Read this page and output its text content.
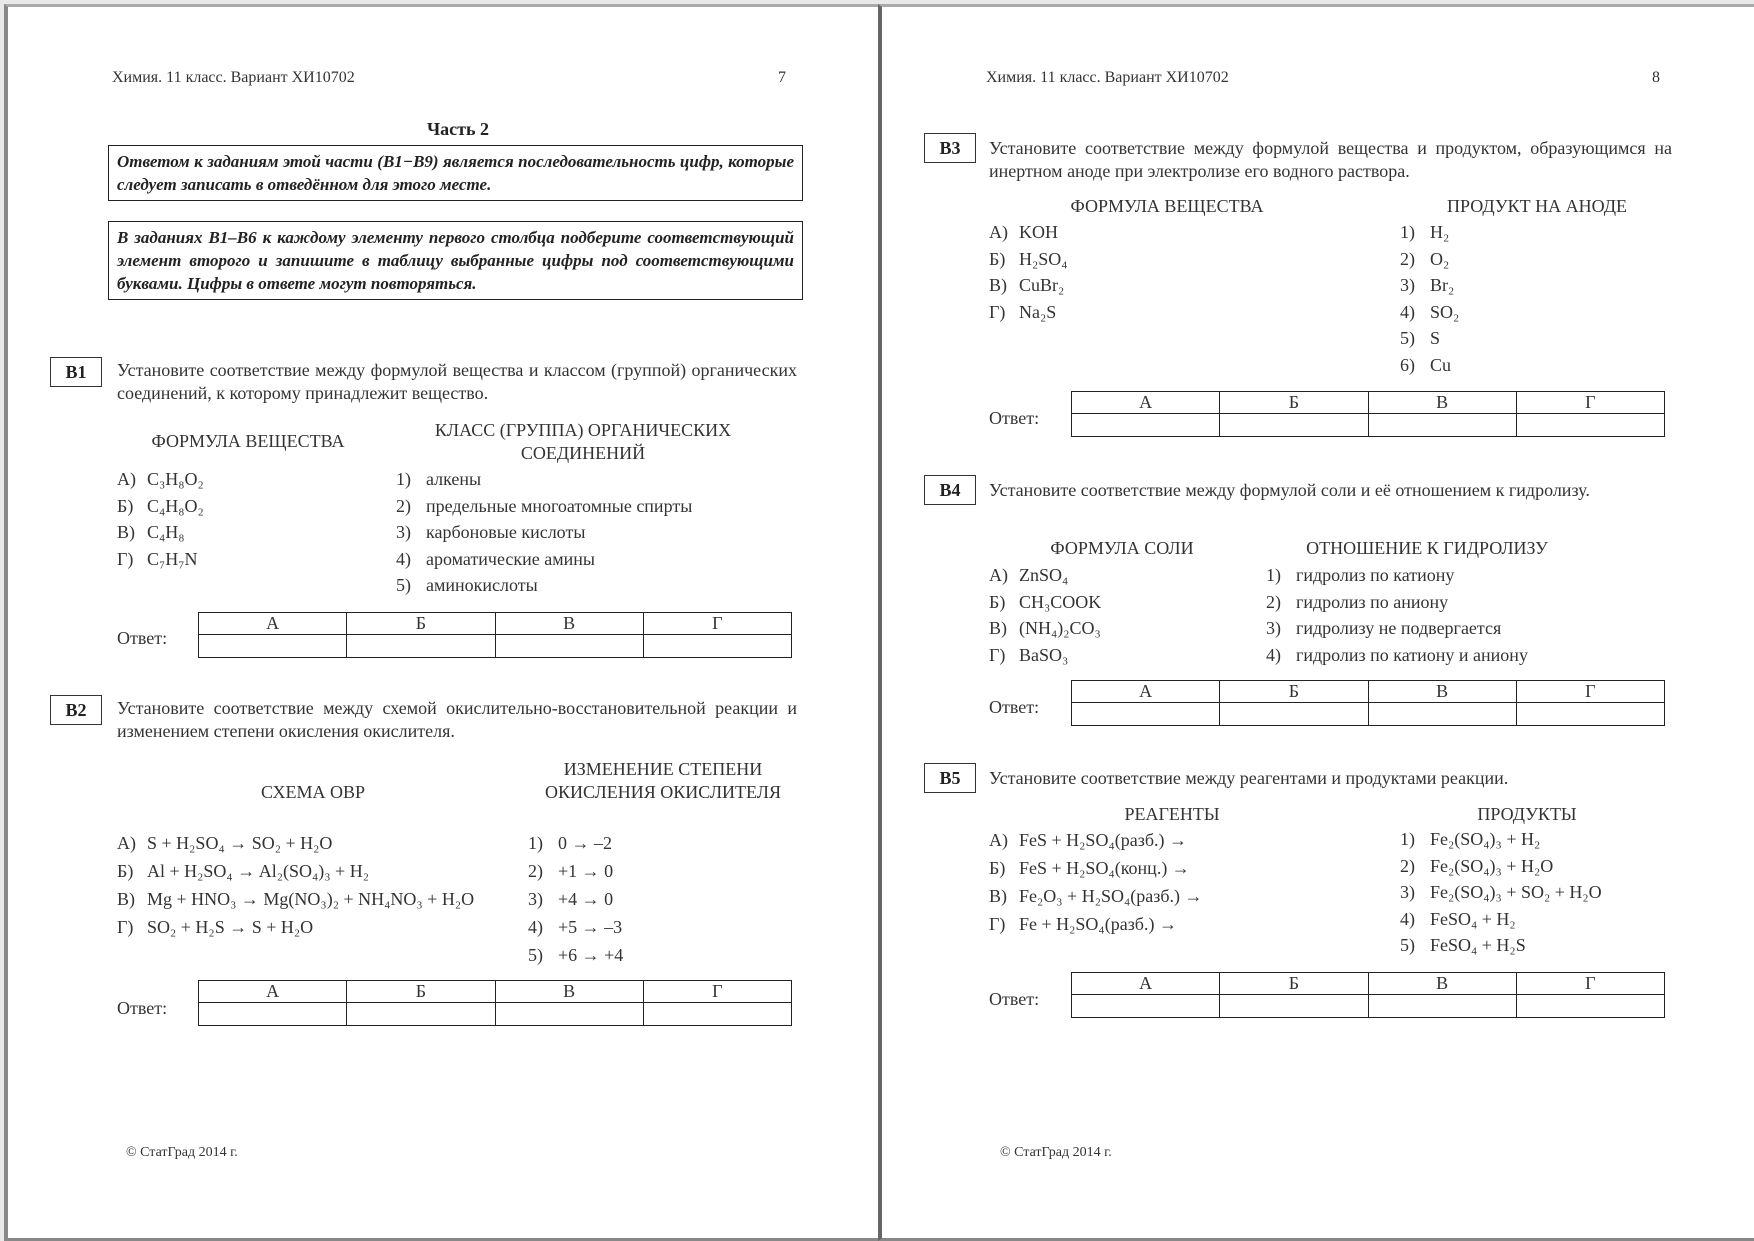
Химия. 11 класс. Вариант ХИ10702	7
Часть 2
Ответом к заданиям этой части (В1−В9) является последовательность цифр, которые следует записать в отведённом для этого месте.
В заданиях В1–В6 к каждому элементу первого столбца подберите соответствующий элемент второго и запишите в таблицу выбранные цифры под соответствующими буквами. Цифры в ответе могут повторяться.
B1	Установите соответствие между формулой вещества и классом (группой) органических соединений, к которому принадлежит вещество.
ФОРМУЛА ВЕЩЕСТВА
КЛАСС (ГРУППА) ОРГАНИЧЕСКИХ СОЕДИНЕНИЙ
А) C₃H₈O₂
Б) C₄H₈O₂
В) C₄H₈
Г) C₇H₇N
1) алкены
2) предельные многоатомные спирты
3) карбоновые кислоты
4) ароматические амины
5) аминокислоты
Ответ:
А	Б	В	Г

B2	Установите соответствие между схемой окислительно-восстановительной реакции и изменением степени окисления окислителя.
СХЕМА ОВР
ИЗМЕНЕНИЕ СТЕПЕНИ ОКИСЛЕНИЯ ОКИСЛИТЕЛЯ
А) S + H₂SO₄ → SO₂ + H₂O
Б) Al + H₂SO₄ → Al₂(SO₄)₃ + H₂
В) Mg + HNO₃ → Mg(NO₃)₂ + NH₄NO₃ + H₂O
Г) SO₂ + H₂S → S + H₂O
1) 0 → –2
2) +1 → 0
3) +4 → 0
4) +5 → –3
5) +6 → +4
Ответ:
А	Б	В	Г

© СтатГрад 2014 г.
Химия. 11 класс. Вариант ХИ10702	8
B3	Установите соответствие между формулой вещества и продуктом, образующимся на инертном аноде при электролизе его водного раствора.
ФОРМУЛА ВЕЩЕСТВА	ПРОДУКТ НА АНОДЕ
А) KOH
Б) H₂SO₄
В) CuBr₂
Г) Na₂S
1) H₂
2) O₂
3) Br₂
4) SO₂
5) S
6) Cu
Ответ:
А	Б	В	Г

B4	Установите соответствие между формулой соли и её отношением к гидролизу.
ФОРМУЛА СОЛИ	ОТНОШЕНИЕ К ГИДРОЛИЗУ
А) ZnSO₄
Б) CH₃COOK
В) (NH₄)₂CO₃
Г) BaSO₃
1) гидролиз по катиону
2) гидролиз по аниону
3) гидролизу не подвергается
4) гидролиз по катиону и аниону
Ответ:
А	Б	В	Г

B5	Установите соответствие между реагентами и продуктами реакции.
РЕАГЕНТЫ	ПРОДУКТЫ
А) FeS + H₂SO₄(разб.) →
Б) FeS + H₂SO₄(конц.) →
В) Fe₂O₃ + H₂SO₄(разб.) →
Г) Fe + H₂SO₄(разб.) →
1) Fe₂(SO₄)₃ + H₂
2) Fe₂(SO₄)₃ + H₂O
3) Fe₂(SO₄)₃ + SO₂ + H₂O
4) FeSO₄ + H₂
5) FeSO₄ + H₂S
Ответ:
А	Б	В	Г

© СтатГрад 2014 г.
